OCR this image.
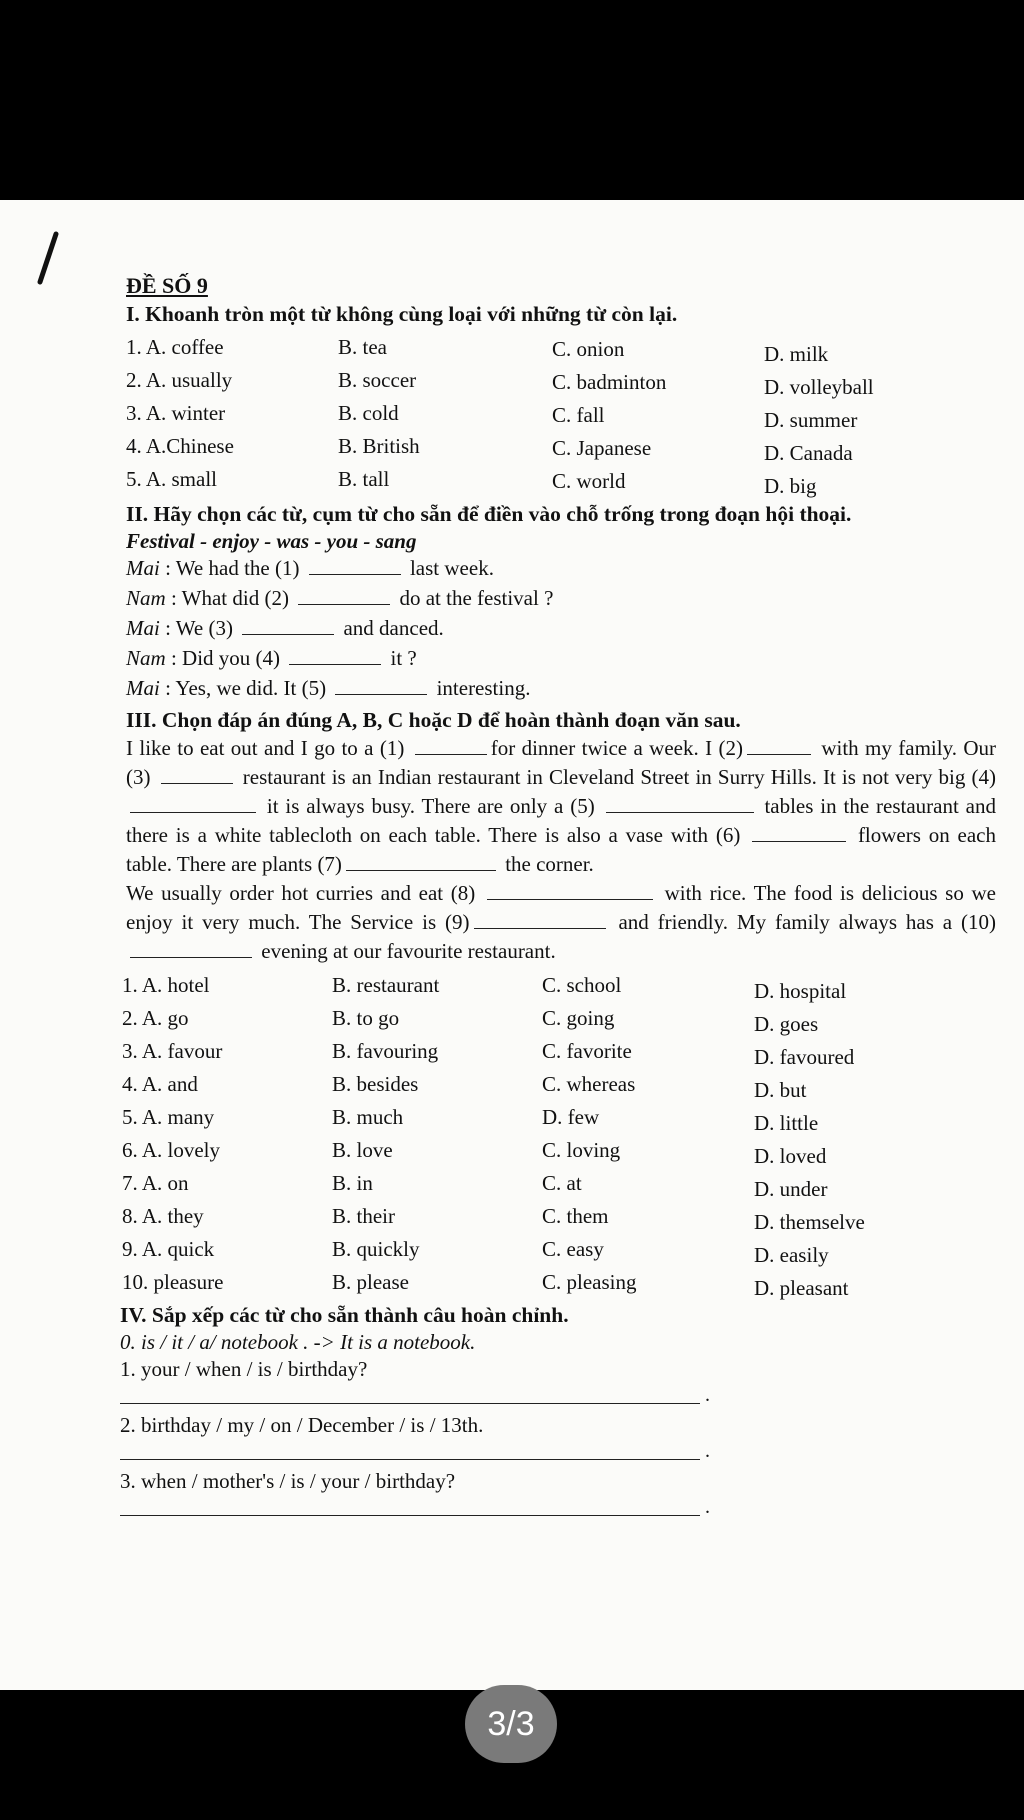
ĐỀ SỐ 9
I. Khoanh tròn một từ không cùng loại với những từ còn lại.
1. A. coffee	B. tea	C. onion	D. milk
2. A. usually	B. soccer	C. badminton	D. volleyball
3. A. winter	B. cold	C. fall	D. summer
4. A.Chinese	B. British	C. Japanese	D. Canada
5. A. small	B. tall	C. world	D. big
II. Hãy chọn các từ, cụm từ cho sẵn để điền vào chỗ trống trong đoạn hội thoại.
Festival - enjoy - was - you - sang
Mai : We had the (1)	last week.
Nam : What did (2)	do at the festival ?
Mai : We (3)	and danced.
Nam : Did you (4)	it ?
Mai : Yes, we did. It (5)	interesting.
III. Chọn đáp án đúng A, B, C hoặc D để hoàn thành đoạn văn sau.
I like to eat out and I go to a (1)	for dinner twice a week. I (2)	with my family. Our (3)	restaurant is an Indian restaurant in Cleveland Street in Surry Hills. It is not very big (4) it is always busy. There are only a (5)	tables in the restaurant and there is a white tablecloth on each table. There is also a vase with (6)	flowers on each table. There are plants (7)	the corner.
We usually order hot curries and eat (8)	with rice. The food is delicious so we enjoy it very much. The Service is (9)	and friendly. My family always has a (10) evening at our favourite restaurant.
1. A. hotel	B. restaurant	C. school	D. hospital
2. A. go	B. to go	C. going	D. goes
3. A. favour	B. favouring	C. favorite	D. favoured
4. A. and	B. besides	C. whereas	D. but
5. A. many	B. much	D. few	D. little
6. A. lovely	B. love	C. loving	D. loved
7. A. on	B. in	C. at	D. under
8. A. they	B. their	C. them	D. themselve
9. A. quick	B. quickly	C. easy	D. easily
10. pleasure	B. please	C. pleasing	D. pleasant
IV. Sắp xếp các từ cho sẵn thành câu hoàn chỉnh.
0. is / it / a/ notebook . -> It is a notebook.
1. your / when / is / birthday?
.
2. birthday / my / on / December / is / 13th.
.
3. when / mother's / is / your / birthday?
.
3/3
